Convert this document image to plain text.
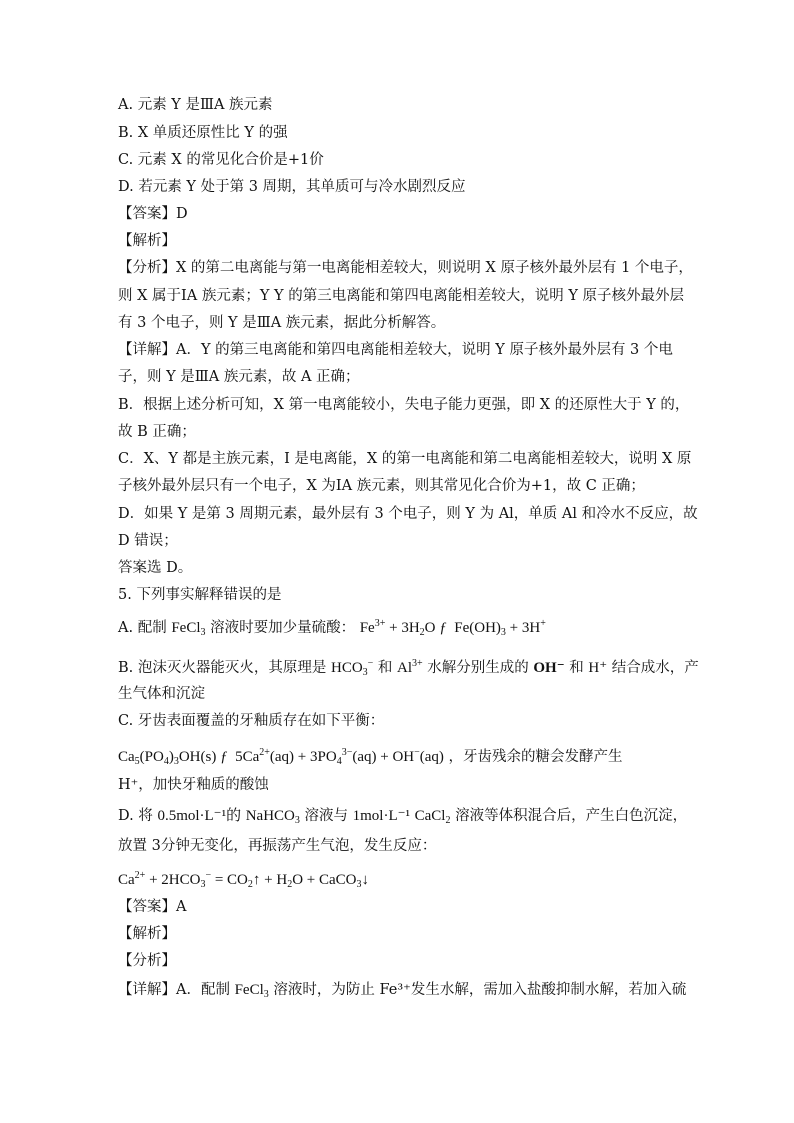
A. 元素 Y 是ⅢA 族元素
B. X 单质还原性比 Y 的强
C. 元素 X 的常见化合价是+1价
D. 若元素 Y 处于第 3 周期，其单质可与冷水剧烈反应
【答案】D
【解析】
【分析】X 的第二电离能与第一电离能相差较大，则说明 X 原子核外最外层有 1 个电子，
则 X 属于ⅠA 族元素；Y Y 的第三电离能和第四电离能相差较大，说明 Y 原子核外最外层
有 3 个电子，则 Y 是ⅢA 族元素，据此分析解答。
【详解】A．Y 的第三电离能和第四电离能相差较大，说明 Y 原子核外最外层有 3 个电
子，则 Y 是ⅢA 族元素，故 A 正确；
B．根据上述分析可知，X 第一电离能较小，失电子能力更强，即 X 的还原性大于 Y 的，
故 B 正确；
C．X、Y 都是主族元素，I 是电离能，X 的第一电离能和第二电离能相差较大，说明 X 原
子核外最外层只有一个电子，X 为ⅠA 族元素，则其常见化合价为+1，故 C 正确；
D．如果 Y 是第 3 周期元素，最外层有 3 个电子，则 Y 为 Al，单质 Al 和冷水不反应，故
D 错误；
答案选 D。
5. 下列事实解释错误的是
A. 配制 FeCl$_3$ 溶液时要加少量硫酸： $Fe^{3+} + 3H_2O$ ƒ  $Fe(OH)_3 + 3H^+$
B. 泡沫灭火器能灭火，其原理是 $HCO_3^-$ 和 $Al^{3+}$ 水解分别生成的 OH⁻ 和 H⁺ 结合成水，产
生气体和沉淀
C. 牙齿表面覆盖的牙釉质存在如下平衡：
$Ca_5(PO_4)_3OH(s)$ ƒ  $5Ca^{2+}(aq) + 3PO_4^{3-}(aq) + OH^-(aq)$ ，牙齿残余的糖会发酵产生
H⁺，加快牙釉质的酸蚀
D. 将 0.5mol·L⁻¹的 NaHCO$_3$ 溶液与 1mol·L⁻¹ CaCl$_2$ 溶液等体积混合后，产生白色沉淀，
放置 3分钟无变化，再振荡产生气泡，发生反应：
$Ca^{2+} + 2HCO_3^-$ = $CO_2↑ + H_2O$ + CaCO$_3$↓
【答案】A
【解析】
【分析】
【详解】A．配制 FeCl$_3$ 溶液时，为防止 Fe³⁺发生水解，需加入盐酸抑制水解，若加入硫
